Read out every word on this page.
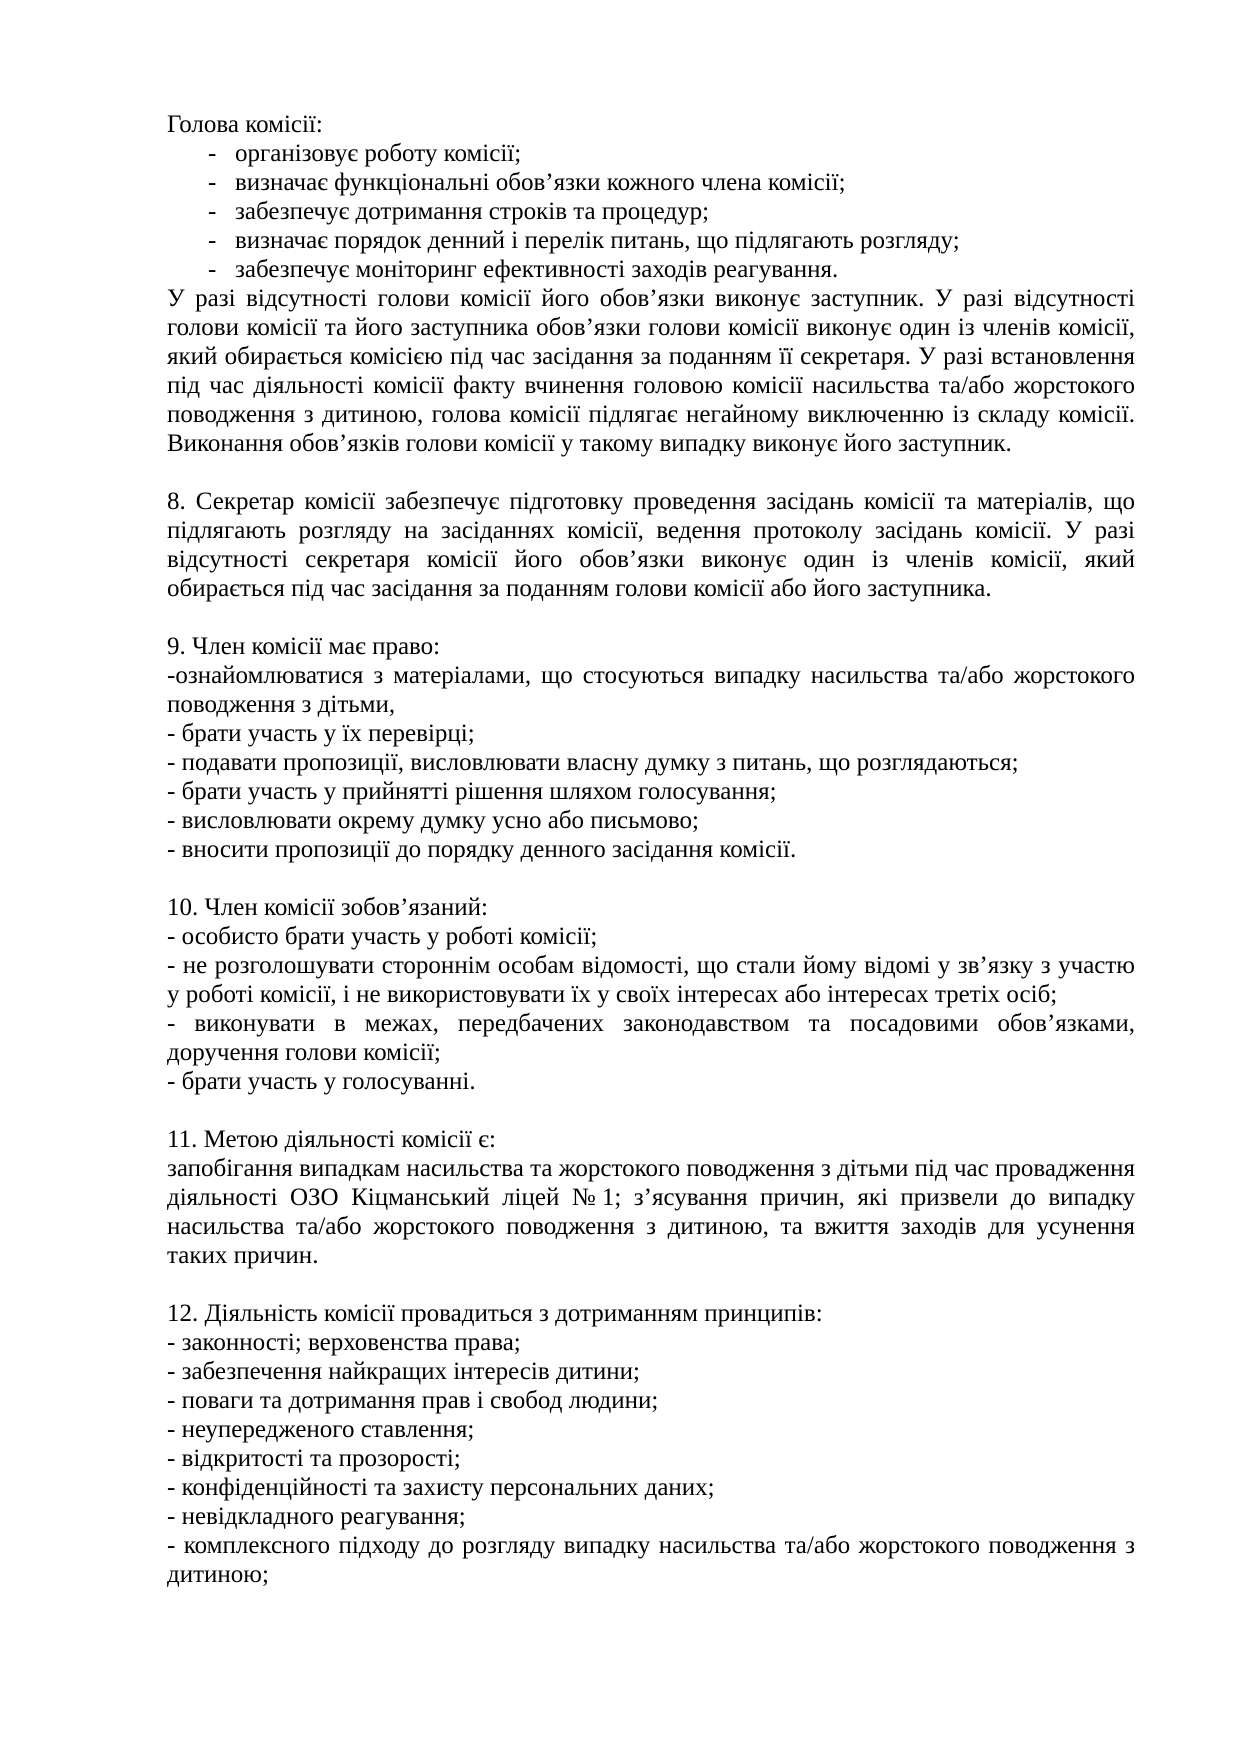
Голова комісії:

- організовує роботу комісії;
- визначає функціональні обов’язки кожного члена комісії;
- забезпечує дотримання строків та процедур;
- визначає порядок денний і перелік питань, що підлягають розгляду;
- забезпечує моніторинг ефективності заходів реагування.

У разі відсутності голови комісії його обов’язки виконує заступник. У разі відсутності голови комісії та його заступника обов’язки голови комісії виконує один із членів комісії, який обирається комісією під час засідання за поданням її секретаря. У разі встановлення під час діяльності комісії факту вчинення головою комісії насильства та/або жорстокого поводження з дитиною, голова комісії підлягає негайному виключенню із складу комісії. Виконання обов’язків голови комісії у такому випадку виконує його заступник.

8. Секретар комісії забезпечує підготовку проведення засідань комісії та матеріалів, що підлягають розгляду на засіданнях комісії, ведення протоколу засідань комісії. У разі відсутності секретаря комісії його обов’язки виконує один із членів комісії, який обирається під час засідання за поданням голови комісії або його заступника.

9. Член комісії має право:

-ознайомлюватися з матеріалами, що стосуються випадку насильства та/або жорстокого поводження з дітьми,

- брати участь у їх перевірці;

- подавати пропозиції, висловлювати власну думку з питань, що розглядаються;

- брати участь у прийнятті рішення шляхом голосування;

- висловлювати окрему думку усно або письмово;

- вносити пропозиції до порядку денного засідання комісії.

10. Член комісії зобов’язаний:

- особисто брати участь у роботі комісії;

- не розголошувати стороннім особам відомості, що стали йому відомі у зв’язку з участю у роботі комісії, і не використовувати їх у своїх інтересах або інтересах третіх осіб;

- виконувати в межах, передбачених законодавством та посадовими обов’язками, доручення голови комісії;

- брати участь у голосуванні.

11. Метою діяльності комісії є:

запобігання випадкам насильства та жорстокого поводження з дітьми під час провадження діяльності ОЗО Кіцманський ліцей №1; з’ясування причин, які призвели до випадку насильства та/або жорстокого поводження з дитиною, та вжиття заходів для усунення таких причин.

12. Діяльність комісії провадиться з дотриманням принципів:

- законності; верховенства права;

- забезпечення найкращих інтересів дитини;

- поваги та дотримання прав і свобод людини;

- неупередженого ставлення;

- відкритості та прозорості;

- конфіденційності та захисту персональних даних;

- невідкладного реагування;

- комплексного підходу до розгляду випадку насильства та/або жорстокого поводження з дитиною;
